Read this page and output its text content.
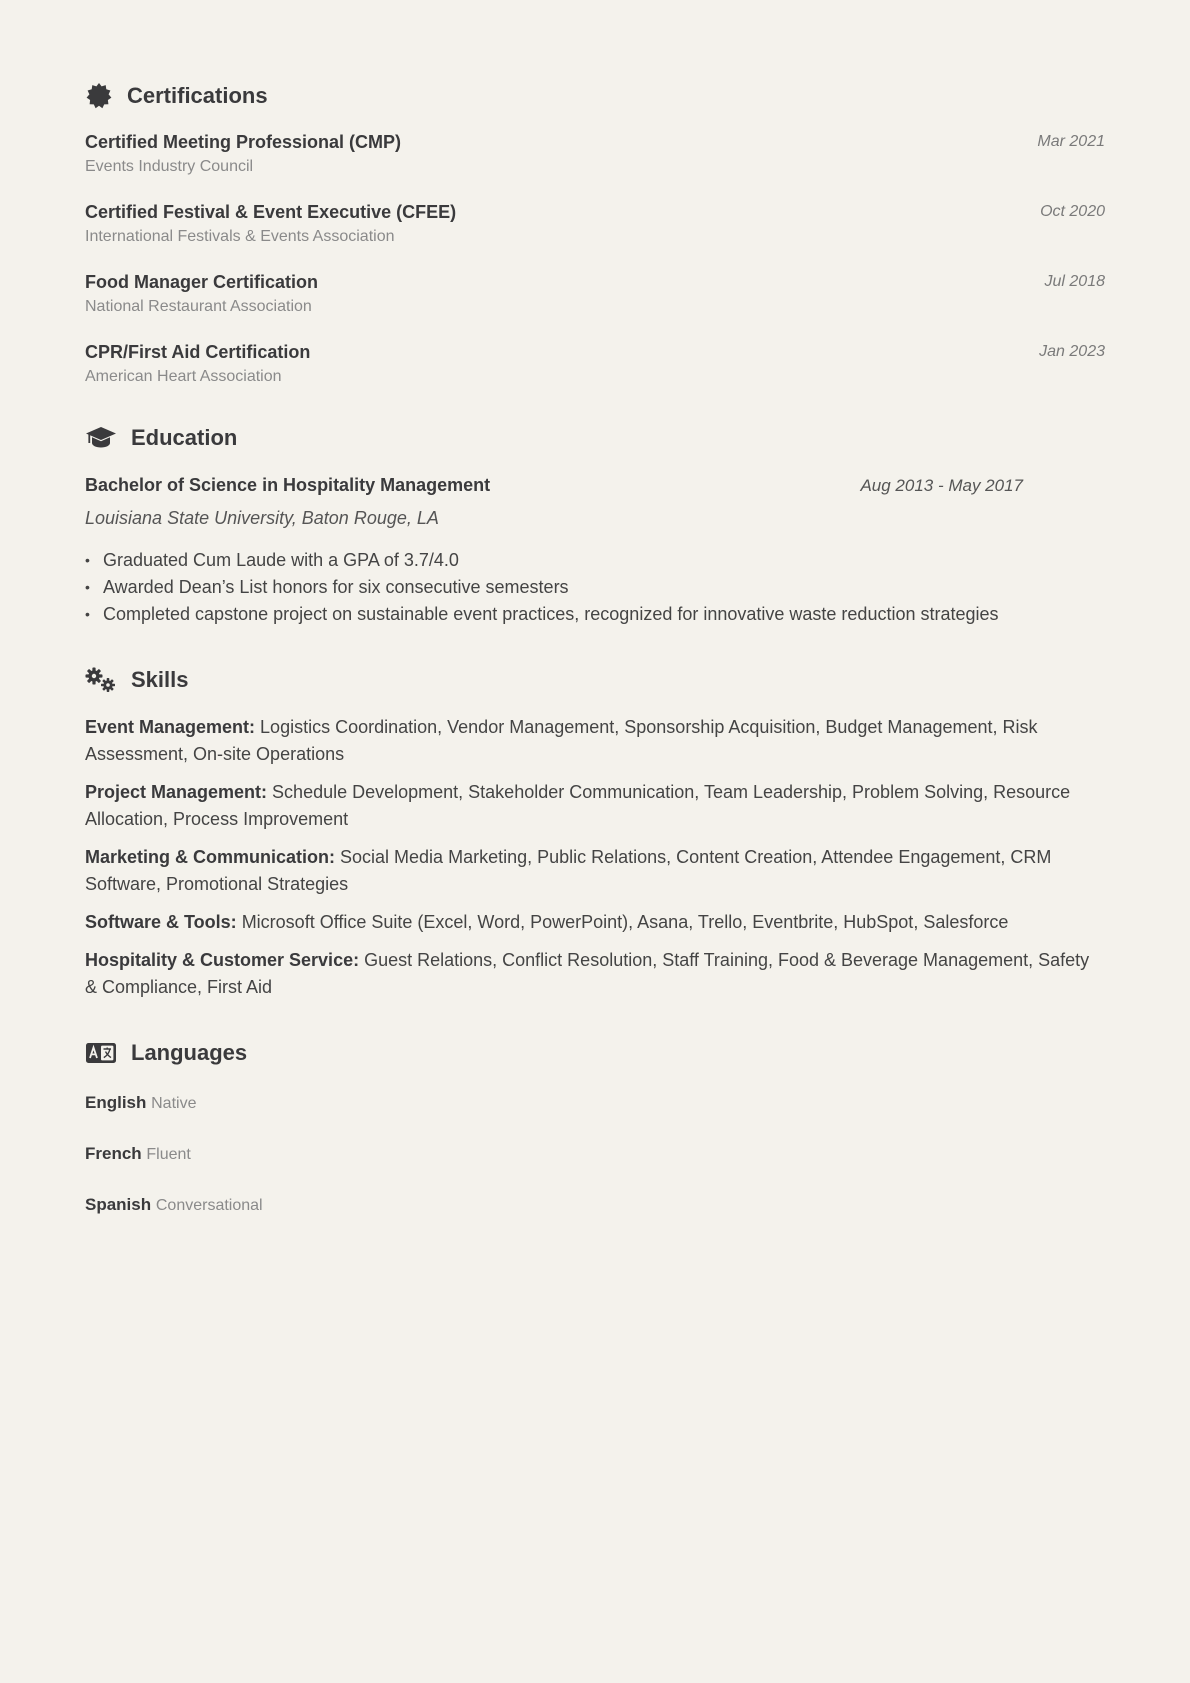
Certifications
Certified Meeting Professional (CMP)
Events Industry Council
Mar 2021
Certified Festival & Event Executive (CFEE)
International Festivals & Events Association
Oct 2020
Food Manager Certification
National Restaurant Association
Jul 2018
CPR/First Aid Certification
American Heart Association
Jan 2023
Education
Bachelor of Science in Hospitality Management	Aug 2013 - May 2017
Louisiana State University, Baton Rouge, LA
• Graduated Cum Laude with a GPA of 3.7/4.0
• Awarded Dean’s List honors for six consecutive semesters
• Completed capstone project on sustainable event practices, recognized for innovative waste reduction strategies
Skills
Event Management: Logistics Coordination, Vendor Management, Sponsorship Acquisition, Budget Management, Risk Assessment, On-site Operations
Project Management: Schedule Development, Stakeholder Communication, Team Leadership, Problem Solving, Resource Allocation, Process Improvement
Marketing & Communication: Social Media Marketing, Public Relations, Content Creation, Attendee Engagement, CRM Software, Promotional Strategies
Software & Tools: Microsoft Office Suite (Excel, Word, PowerPoint), Asana, Trello, Eventbrite, HubSpot, Salesforce
Hospitality & Customer Service: Guest Relations, Conflict Resolution, Staff Training, Food & Beverage Management, Safety & Compliance, First Aid
Languages
English Native
French Fluent
Spanish Conversational
